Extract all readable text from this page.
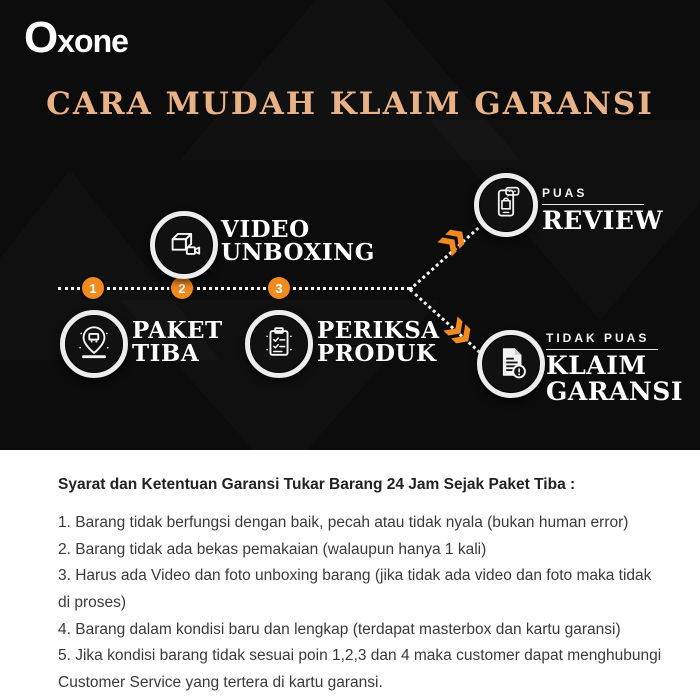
Oxone
CARA MUDAH KLAIM GARANSI
1	2	3
PAKET
TIBA
VIDEO
UNBOXING
PERIKSA
PRODUK
PUAS
REVIEW
TIDAK PUAS
KLAIM
GARANSI
Syarat dan Ketentuan Garansi Tukar Barang 24 Jam Sejak Paket Tiba :

1. Barang tidak berfungsi dengan baik, pecah atau tidak nyala (bukan human error)

2. Barang tidak ada bekas pemakaian (walaupun hanya 1 kali)

3. Harus ada Video dan foto unboxing barang (jika tidak ada video dan foto maka tidak di proses)

4. Barang dalam kondisi baru dan lengkap (terdapat masterbox dan kartu garansi)

5. Jika kondisi barang tidak sesuai poin 1,2,3 dan 4 maka customer dapat menghubungi Customer Service yang tertera di kartu garansi.
